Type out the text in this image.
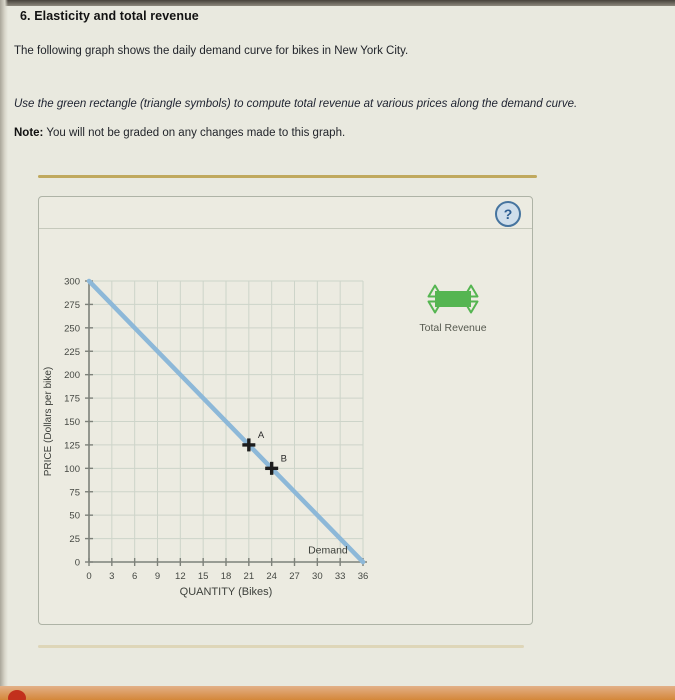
6. Elasticity and total revenue
The following graph shows the daily demand curve for bikes in New York City.
Use the green rectangle (triangle symbols) to compute total revenue at various prices along the demand curve.
Note: You will not be graded on any changes made to this graph.
?
0
25
50
75
100
125
150
175
200
225
250
275
300
0 3 6 9 12 15 18 21 24 27 30 33 36
QUANTITY (Bikes)
PRICE (Dollars per bike)
Demand
A
B
Total Revenue
